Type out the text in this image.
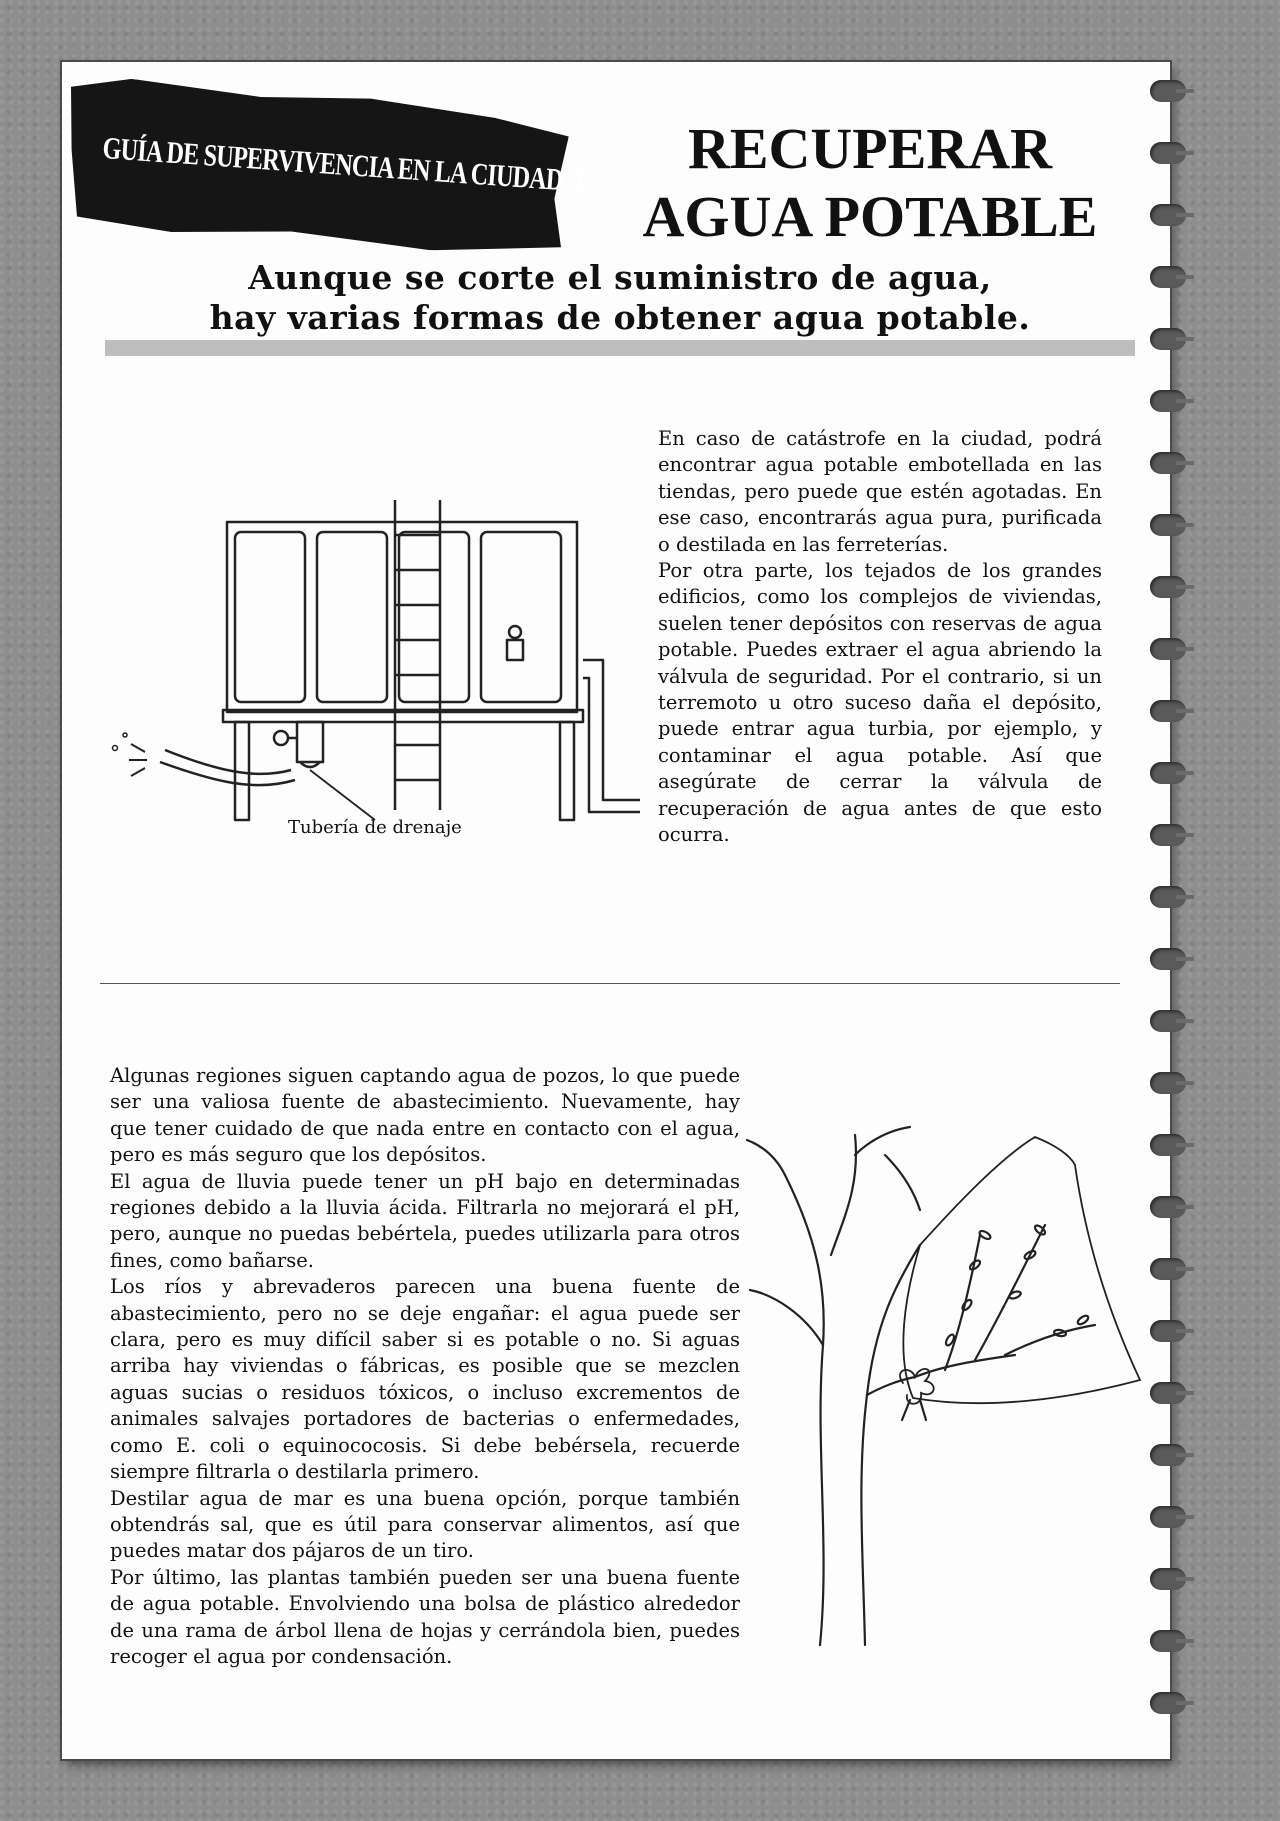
GUÍA DE SUPERVIVENCIA EN LA CIUDAD ①	RECUPERAR
AGUA POTABLE
Aunque se corte el suministro de agua,
hay varias formas de obtener agua potable.
Tubería de drenaje

En caso de catástrofe en la ciudad, podrá encontrar agua potable embotellada en las tiendas, pero puede que estén agotadas. En ese caso, encontrarás agua pura, purificada o destilada en las ferreterías.

Por otra parte, los tejados de los grandes edificios, como los complejos de viviendas, suelen tener depósitos con reservas de agua potable. Puedes extraer el agua abriendo la válvula de seguridad. Por el contrario, si un terremoto u otro suceso daña el depósito, puede entrar agua turbia, por ejemplo, y contaminar el agua potable. Así que asegúrate de cerrar la válvula de recuperación de agua antes de que esto ocurra.

Algunas regiones siguen captando agua de pozos, lo que puede ser una valiosa fuente de abastecimiento. Nuevamente, hay que tener cuidado de que nada entre en contacto con el agua, pero es más seguro que los depósitos.

El agua de lluvia puede tener un pH bajo en determinadas regiones debido a la lluvia ácida. Filtrarla no mejorará el pH, pero, aunque no puedas bebértela, puedes utilizarla para otros fines, como bañarse.

Los ríos y abrevaderos parecen una buena fuente de abastecimiento, pero no se deje engañar: el agua puede ser clara, pero es muy difícil saber si es potable o no. Si aguas arriba hay viviendas o fábricas, es posible que se mezclen aguas sucias o residuos tóxicos, o incluso excrementos de animales salvajes portadores de bacterias o enfermedades, como E. coli o equinococosis. Si debe bebérsela, recuerde siempre filtrarla o destilarla primero.

Destilar agua de mar es una buena opción, porque también obtendrás sal, que es útil para conservar alimentos, así que puedes matar dos pájaros de un tiro.

Por último, las plantas también pueden ser una buena fuente de agua potable. Envolviendo una bolsa de plástico alrededor de una rama de árbol llena de hojas y cerrándola bien, puedes recoger el agua por condensación.
